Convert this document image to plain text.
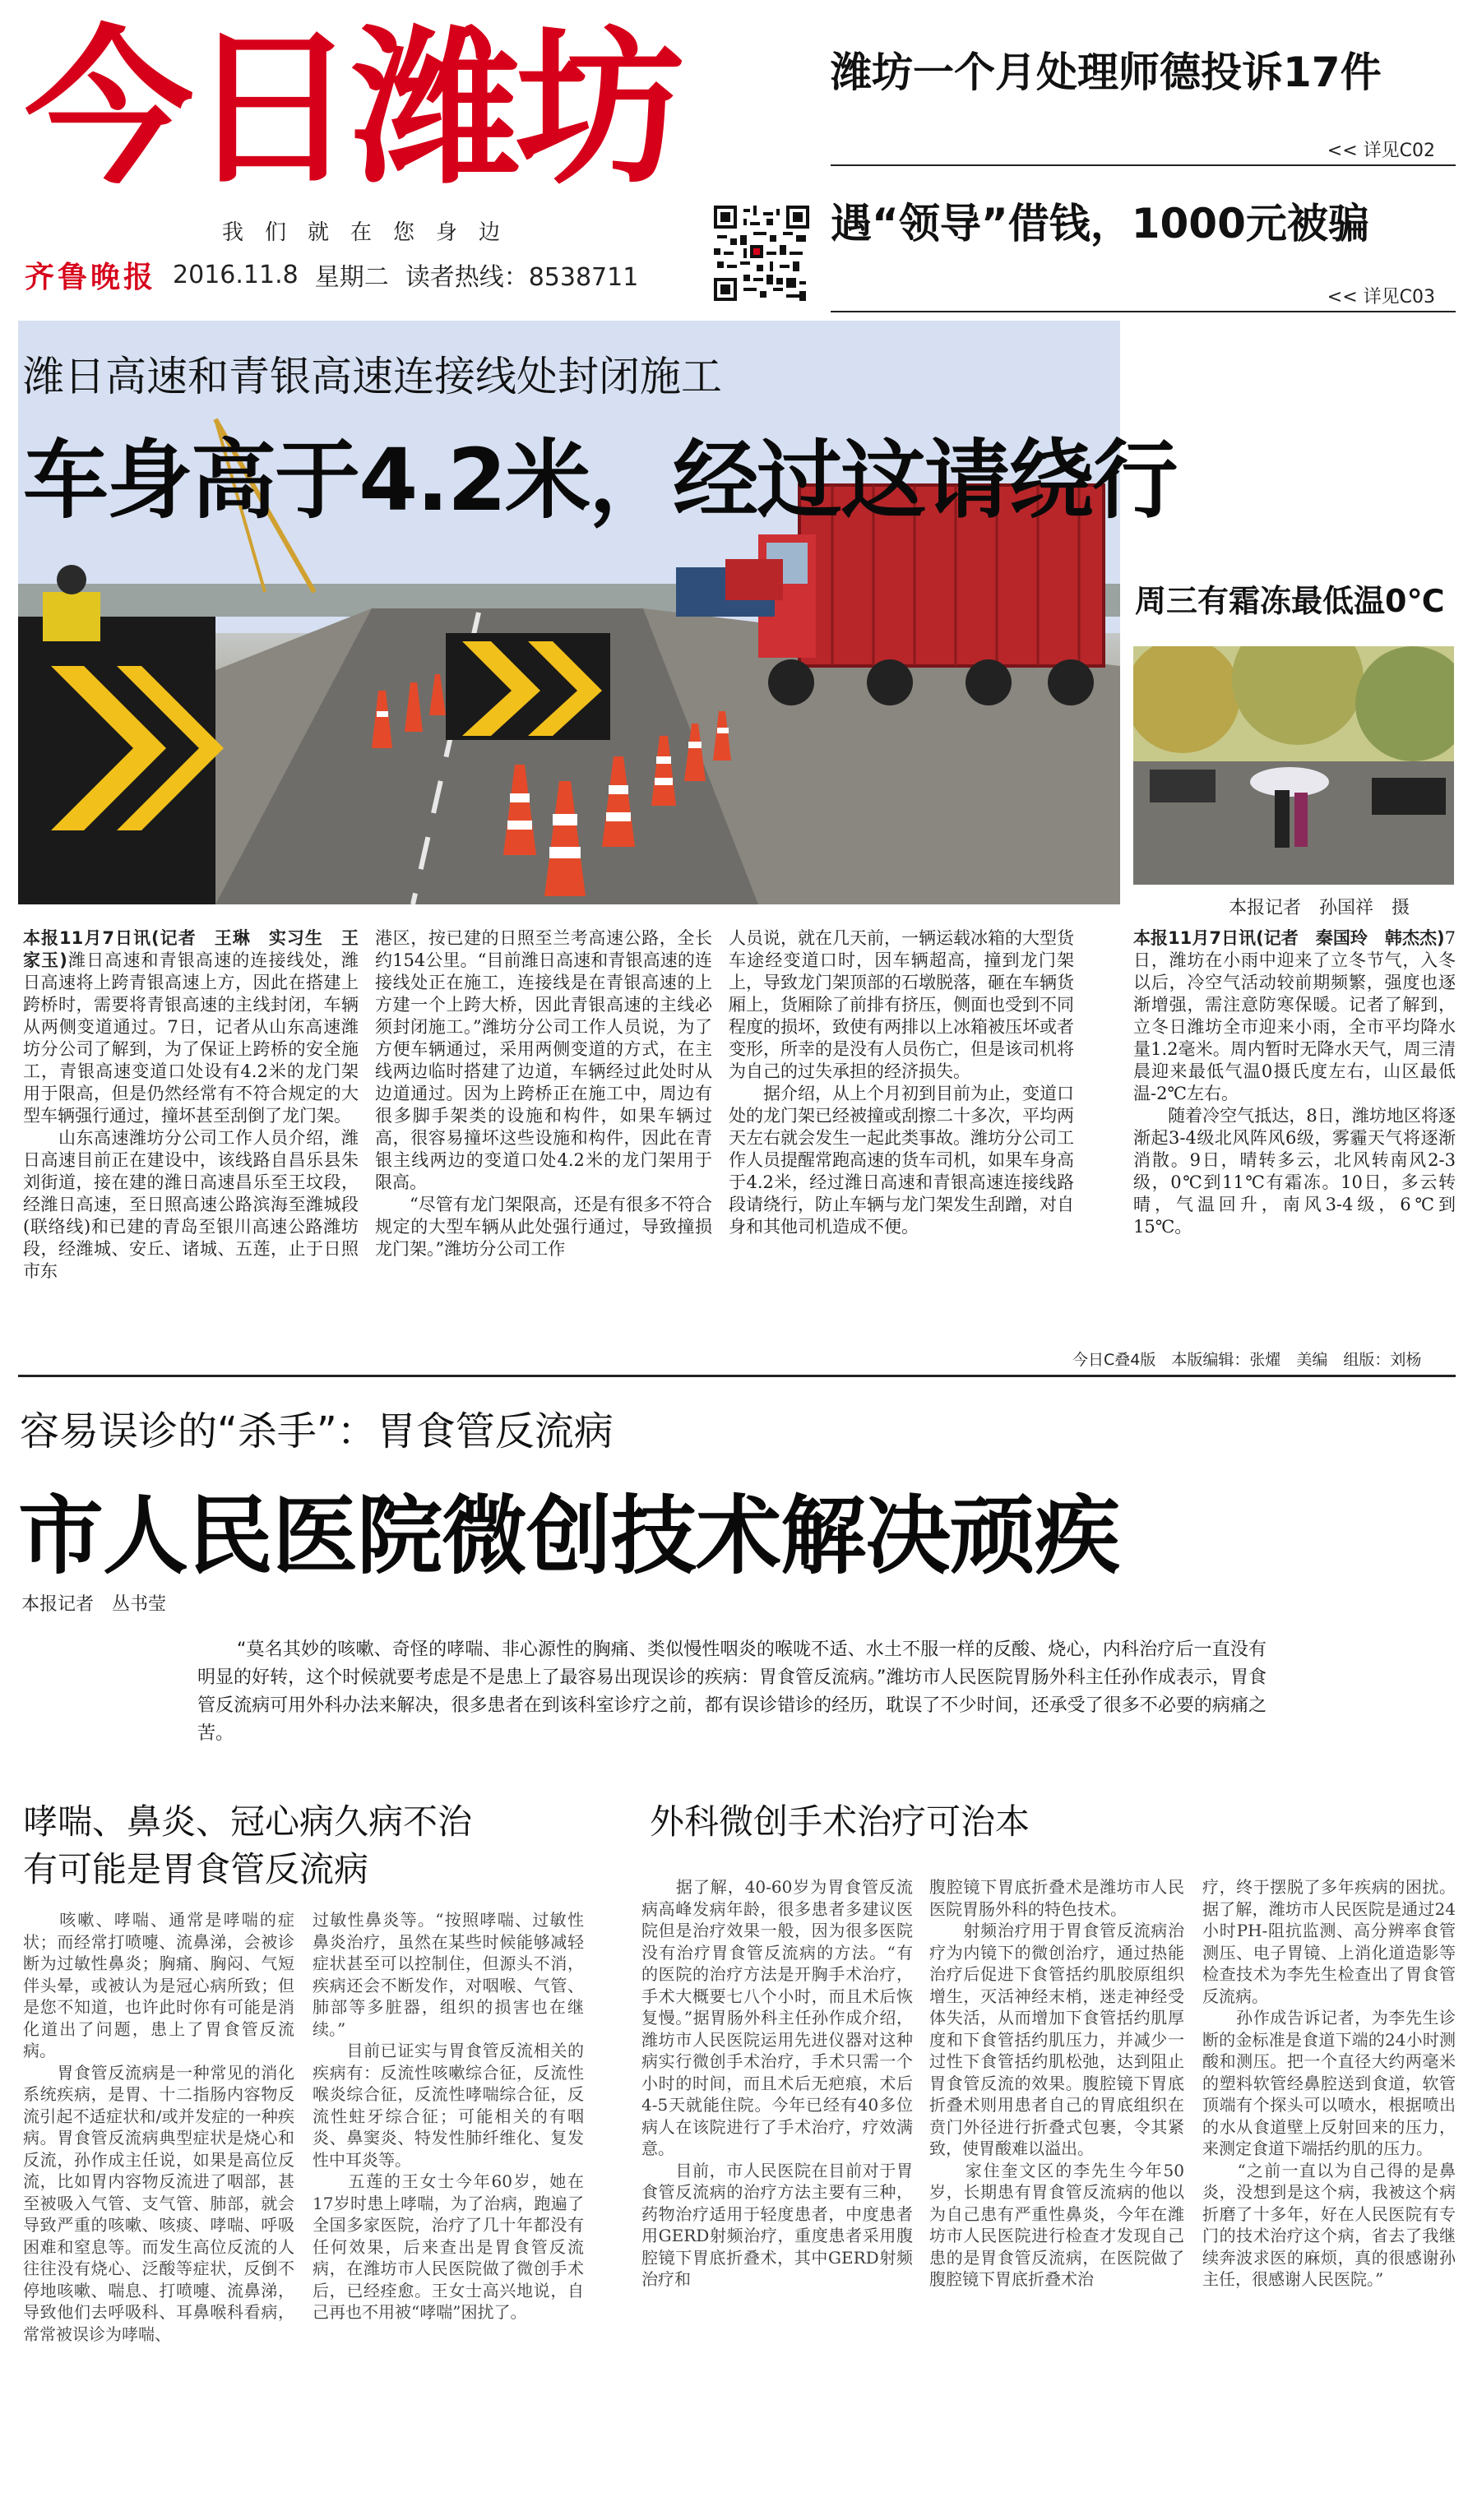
今日潍坊
我们就在您身边
齐鲁晚报 2016.11.8 星期二 读者热线：8538711
潍坊一个月处理师德投诉17件
<< 详见C02
遇“领导”借钱，1000元被骗
<< 详见C03
潍日高速和青银高速连接线处封闭施工
车身高于4.2米，经过这请绕行
周三有霜冻最低温0℃
本报记者　孙国祥　摄
本报11月7日讯(记者　王琳　实习生　王家玉)潍日高速和青银高速的连接线处，潍日高速将上跨青银高速上方，因此在搭建上跨桥时，需要将青银高速的主线封闭，车辆从两侧变道通过。7日，记者从山东高速潍坊分公司了解到，为了保证上跨桥的安全施工，青银高速变道口处设有4.2米的龙门架用于限高，但是仍然经常有不符合规定的大型车辆强行通过，撞坏甚至刮倒了龙门架。
　　山东高速潍坊分公司工作人员介绍，潍日高速目前正在建设中，该线路自昌乐县朱刘街道，接在建的潍日高速昌乐至王坟段，经潍日高速，至日照高速公路滨海至潍城段(联络线)和已建的青岛至银川高速公路潍坊段，经潍城、安丘、诸城、五莲，止于日照市东
港区，按已建的日照至兰考高速公路，全长约154公里。“目前潍日高速和青银高速的连接线处正在施工，连接线是在青银高速的上方建一个上跨大桥，因此青银高速的主线必须封闭施工。”潍坊分公司工作人员说，为了方便车辆通过，采用两侧变道的方式，在主线两边临时搭建了边道，车辆经过此处时从边道通过。因为上跨桥正在施工中，周边有很多脚手架类的设施和构件，如果车辆过高，很容易撞坏这些设施和构件，因此在青银主线两边的变道口处4.2米的龙门架用于限高。
　　“尽管有龙门架限高，还是有很多不符合规定的大型车辆从此处强行通过，导致撞损龙门架。”潍坊分公司工作
人员说，就在几天前，一辆运载冰箱的大型货车途经变道口时，因车辆超高，撞到龙门架上，导致龙门架顶部的石墩脱落，砸在车辆货厢上，货厢除了前排有挤压，侧面也受到不同程度的损坏，致使有两排以上冰箱被压坏或者变形，所幸的是没有人员伤亡，但是该司机将为自己的过失承担的经济损失。
　　据介绍，从上个月初到目前为止，变道口处的龙门架已经被撞或刮擦二十多次，平均两天左右就会发生一起此类事故。潍坊分公司工作人员提醒常跑高速的货车司机，如果车身高于4.2米，经过潍日高速和青银高速连接线路段请绕行，防止车辆与龙门架发生刮蹭，对自身和其他司机造成不便。
本报11月7日讯(记者　秦国玲　韩杰杰)7日，潍坊在小雨中迎来了立冬节气，入冬以后，冷空气活动较前期频繁，强度也逐渐增强，需注意防寒保暖。记者了解到，立冬日潍坊全市迎来小雨，全市平均降水量1.2毫米。周内暂时无降水天气，周三清晨迎来最低气温0摄氏度左右，山区最低温-2℃左右。
　　随着冷空气抵达，8日，潍坊地区将逐渐起3-4级北风阵风6级，雾霾天气将逐渐消散。9日，晴转多云，北风转南风2-3级，0℃到11℃有霜冻。10日，多云转晴，气温回升，南风3-4级，6℃到15℃。
今日C叠4版　本版编辑：张燿　美编　组版：刘杨
容易误诊的“杀手”：胃食管反流病
市人民医院微创技术解决顽疾
本报记者　丛书莹
“莫名其妙的咳嗽、奇怪的哮喘、非心源性的胸痛、类似慢性咽炎的喉咙不适、水土不服一样的反酸、烧心，内科治疗后一直没有明显的好转，这个时候就要考虑是不是患上了最容易出现误诊的疾病：胃食管反流病。”潍坊市人民医院胃肠外科主任孙作成表示，胃食管反流病可用外科办法来解决，很多患者在到该科室诊疗之前，都有误诊错诊的经历，耽误了不少时间，还承受了很多不必要的病痛之苦。
哮喘、鼻炎、冠心病久病不治
有可能是胃食管反流病
外科微创手术治疗可治本
　　咳嗽、哮喘、通常是哮喘的症状；而经常打喷嚏、流鼻涕，会被诊断为过敏性鼻炎；胸痛、胸闷、气短伴头晕，或被认为是冠心病所致；但是您不知道，也许此时你有可能是消化道出了问题，患上了胃食管反流病。
　　胃食管反流病是一种常见的消化系统疾病，是胃、十二指肠内容物反流引起不适症状和/或并发症的一种疾病。胃食管反流病典型症状是烧心和反流，孙作成主任说，如果是高位反流，比如胃内容物反流进了咽部，甚至被吸入气管、支气管、肺部，就会导致严重的咳嗽、咳痰、哮喘、呼吸困难和窒息等。而发生高位反流的人往往没有烧心、泛酸等症状，反倒不停地咳嗽、喘息、打喷嚏、流鼻涕，导致他们去呼吸科、耳鼻喉科看病，常常被误诊为哮喘、
过敏性鼻炎等。“按照哮喘、过敏性鼻炎治疗，虽然在某些时候能够减轻症状甚至可以控制住，但源头不消，疾病还会不断发作，对咽喉、气管、肺部等多脏器，组织的损害也在继续。”
　　目前已证实与胃食管反流相关的疾病有：反流性咳嗽综合征，反流性喉炎综合征，反流性哮喘综合征，反流性蛀牙综合征；可能相关的有咽炎、鼻窦炎、特发性肺纤维化、复发性中耳炎等。
　　五莲的王女士今年60岁，她在17岁时患上哮喘，为了治病，跑遍了全国多家医院，治疗了几十年都没有任何效果，后来查出是胃食管反流病，在潍坊市人民医院做了微创手术后，已经痊愈。王女士高兴地说，自己再也不用被“哮喘”困扰了。
　　据了解，40-60岁为胃食管反流病高峰发病年龄，很多患者多建议医院但是治疗效果一般，因为很多医院没有治疗胃食管反流病的方法。“有的医院的治疗方法是开胸手术治疗，手术大概要七八个小时，而且术后恢复慢。”据胃肠外科主任孙作成介绍，潍坊市人民医院运用先进仪器对这种病实行微创手术治疗，手术只需一个小时的时间，而且术后无疤痕，术后4-5天就能住院。今年已经有40多位病人在该院进行了手术治疗，疗效满意。
　　目前，市人民医院在目前对于胃食管反流病的治疗方法主要有三种，药物治疗适用于轻度患者，中度患者用GERD射频治疗，重度患者采用腹腔镜下胃底折叠术，其中GERD射频治疗和
腹腔镜下胃底折叠术是潍坊市人民医院胃肠外科的特色技术。
　　射频治疗用于胃食管反流病治疗为内镜下的微创治疗，通过热能治疗后促进下食管括约肌胶原组织增生，灭活神经末梢，迷走神经受体失活，从而增加下食管括约肌厚度和下食管括约肌压力，并减少一过性下食管括约肌松弛，达到阻止胃食管反流的效果。腹腔镜下胃底折叠术则用患者自己的胃底组织在贲门外径进行折叠式包裹，令其紧致，使胃酸难以溢出。
　　家住奎文区的李先生今年50岁，长期患有胃食管反流病的他以为自己患有严重性鼻炎，今年在潍坊市人民医院进行检查才发现自己患的是胃食管反流病，在医院做了腹腔镜下胃底折叠术治
疗，终于摆脱了多年疾病的困扰。据了解，潍坊市人民医院是通过24小时PH-阻抗监测、高分辨率食管测压、电子胃镜、上消化道造影等检查技术为李先生检查出了胃食管反流病。
　　孙作成告诉记者，为李先生诊断的金标准是食道下端的24小时测酸和测压。把一个直径大约两毫米的塑料软管经鼻腔送到食道，软管顶端有个探头可以喷水，根据喷出的水从食道壁上反射回来的压力，来测定食道下端括约肌的压力。
　　“之前一直以为自己得的是鼻炎，没想到是这个病，我被这个病折磨了十多年，好在人民医院有专门的技术治疗这个病，省去了我继续奔波求医的麻烦，真的很感谢孙主任，很感谢人民医院。”
